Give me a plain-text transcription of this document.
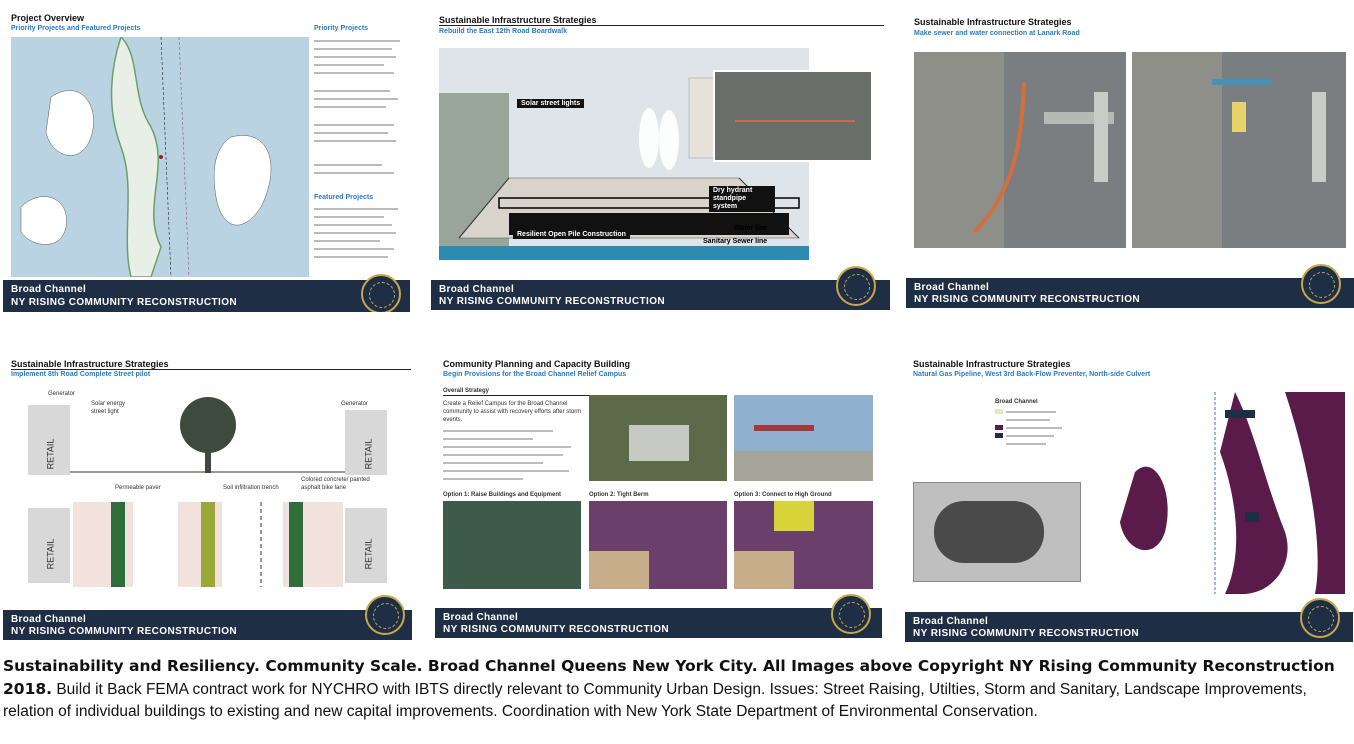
Project Overview
Priority Projects and Featured Projects	Priority Projects
Featured Projects
Broad Channel
NY RISING COMMUNITY RECONSTRUCTION
Sustainable Infrastructure Strategies
Rebuild the East 12th Road Boardwalk
Solar street lights
Dry hydrant standpipe system
Resilient Open Pile Construction
Water line
Sanitary Sewer line
Broad Channel
NY RISING COMMUNITY RECONSTRUCTION
Sustainable Infrastructure Strategies
Make sewer and water connection at Lanark Road
Broad Channel
NY RISING COMMUNITY RECONSTRUCTION
Sustainable Infrastructure Strategies
Implement 8th Road Complete Street pilot
Generator
Solar energy street light
Generator
RETAIL	RETAIL
RETAIL	RETAIL
Permeable paver	Soil infiltration trench
Colored concrete/ painted asphalt bike lane
Broad Channel
NY RISING COMMUNITY RECONSTRUCTION
Community Planning and Capacity Building
Begin Provisions for the Broad Channel Relief Campus
Overall Strategy
Create a Relief Campus for the Broad Channel community to assist with recovery efforts after storm events.
Option 1: Raise Buildings and Equipment	Option 2: Tight Berm	Option 3: Connect to High Ground
Broad Channel
NY RISING COMMUNITY RECONSTRUCTION
Sustainable Infrastructure Strategies
Natural Gas Pipeline, West 3rd Back-Flow Preventer, North-side Culvert
Broad Channel
Broad Channel
NY RISING COMMUNITY RECONSTRUCTION
Sustainability and Resiliency. Community Scale. Broad Channel Queens New York City. All Images above Copyright NY Rising Community Reconstruction 2018. Build it Back FEMA contract work for NYCHRO with IBTS directly relevant to Community Urban Design. Issues: Street Raising, Utilties, Storm and Sanitary, Landscape Improvements, relation of individual buildings to existing and new capital improvements. Coordination with New York State Department of Environmental Conservation.
